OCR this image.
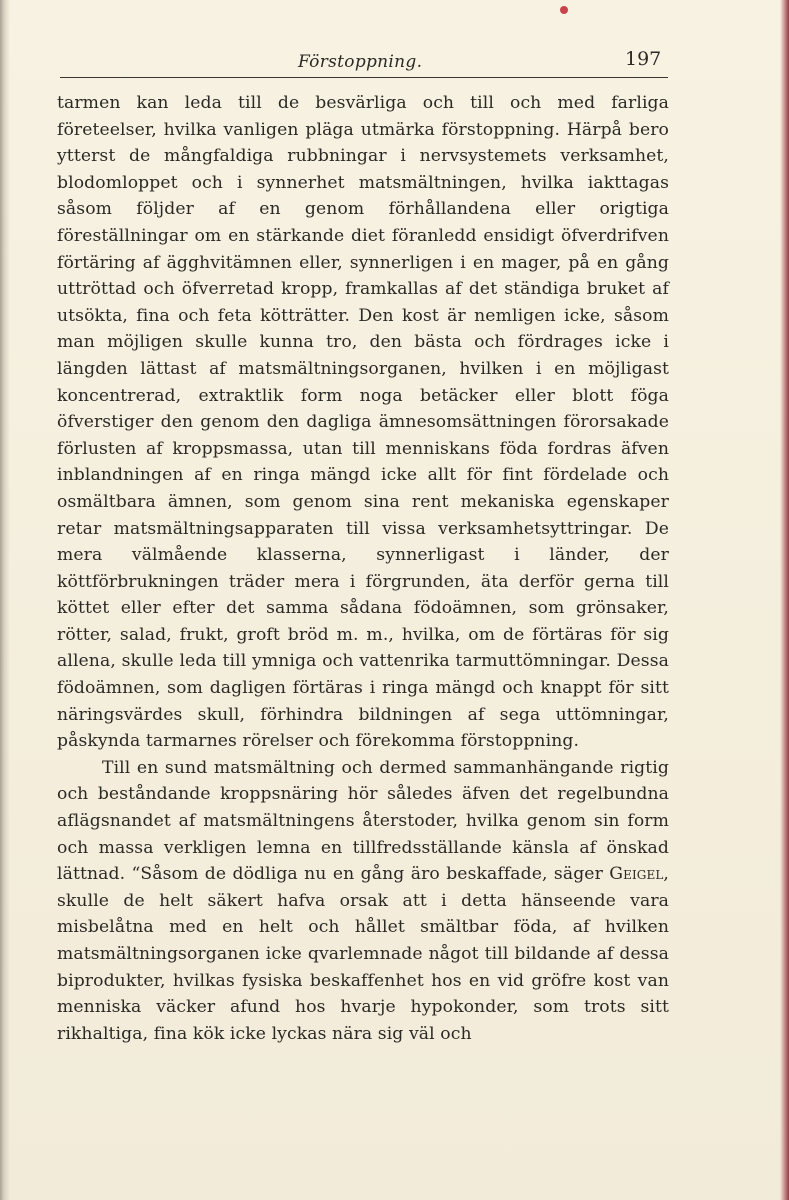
Förstoppning.	197

tarmen kan leda till de besvärliga och till och med farliga företeelser, hvilka vanligen pläga utmärka förstoppning. Härpå bero ytterst de mångfaldiga rubbningar i nervsystemets verksamhet, blodomloppet och i synnerhet matsmältningen, hvilka iakttagas såsom följder af en genom förhållandena eller origtiga föreställningar om en stärkande diet föranledd ensidigt öfverdrifven förtäring af ägghvitämnen eller, synnerligen i en mager, på en gång uttröttad och öfverretad kropp, framkallas af det ständiga bruket af utsökta, fina och feta kötträtter. Den kost är nemligen icke, såsom man möjligen skulle kunna tro, den bästa och fördrages icke i längden lättast af matsmältningsorganen, hvilken i en möjligast koncentrerad, extraktlik form noga betäcker eller blott föga öfverstiger den genom den dagliga ämnesomsättningen förorsakade förlusten af kroppsmassa, utan till menniskans föda fordras äfven inblandningen af en ringa mängd icke allt för fint fördelade och osmältbara ämnen, som genom sina rent mekaniska egenskaper retar matsmältningsapparaten till vissa verksamhetsyttringar. De mera välmående klasserna, synnerligast i länder, der köttförbrukningen träder mera i förgrunden, äta derför gerna till köttet eller efter det samma sådana födoämnen, som grönsaker, rötter, salad, frukt, groft bröd m. m., hvilka, om de förtäras för sig allena, skulle leda till ymniga och vattenrika tarmuttömningar. Dessa födoämnen, som dagligen förtäras i ringa mängd och knappt för sitt näringsvärdes skull, förhindra bildningen af sega uttömningar, påskynda tarmarnes rörelser och förekomma förstoppning.

Till en sund matsmältning och dermed sammanhängande rigtig och beståndande kroppsnäring hör således äfven det regelbundna aflägsnandet af matsmältningens återstoder, hvilka genom sin form och massa verkligen lemna en tillfredsställande känsla af önskad lättnad. “Såsom de dödliga nu en gång äro beskaffade, säger Geigel, skulle de helt säkert hafva orsak att i detta hänseende vara misbelåtna med en helt och hållet smältbar föda, af hvilken matsmältningsorganen icke qvarlemnade något till bildande af dessa biprodukter, hvilkas fysiska beskaffenhet hos en vid gröfre kost van menniska väcker afund hos hvarje hypokonder, som trots sitt rikhaltiga, fina kök icke lyckas nära sig väl och
